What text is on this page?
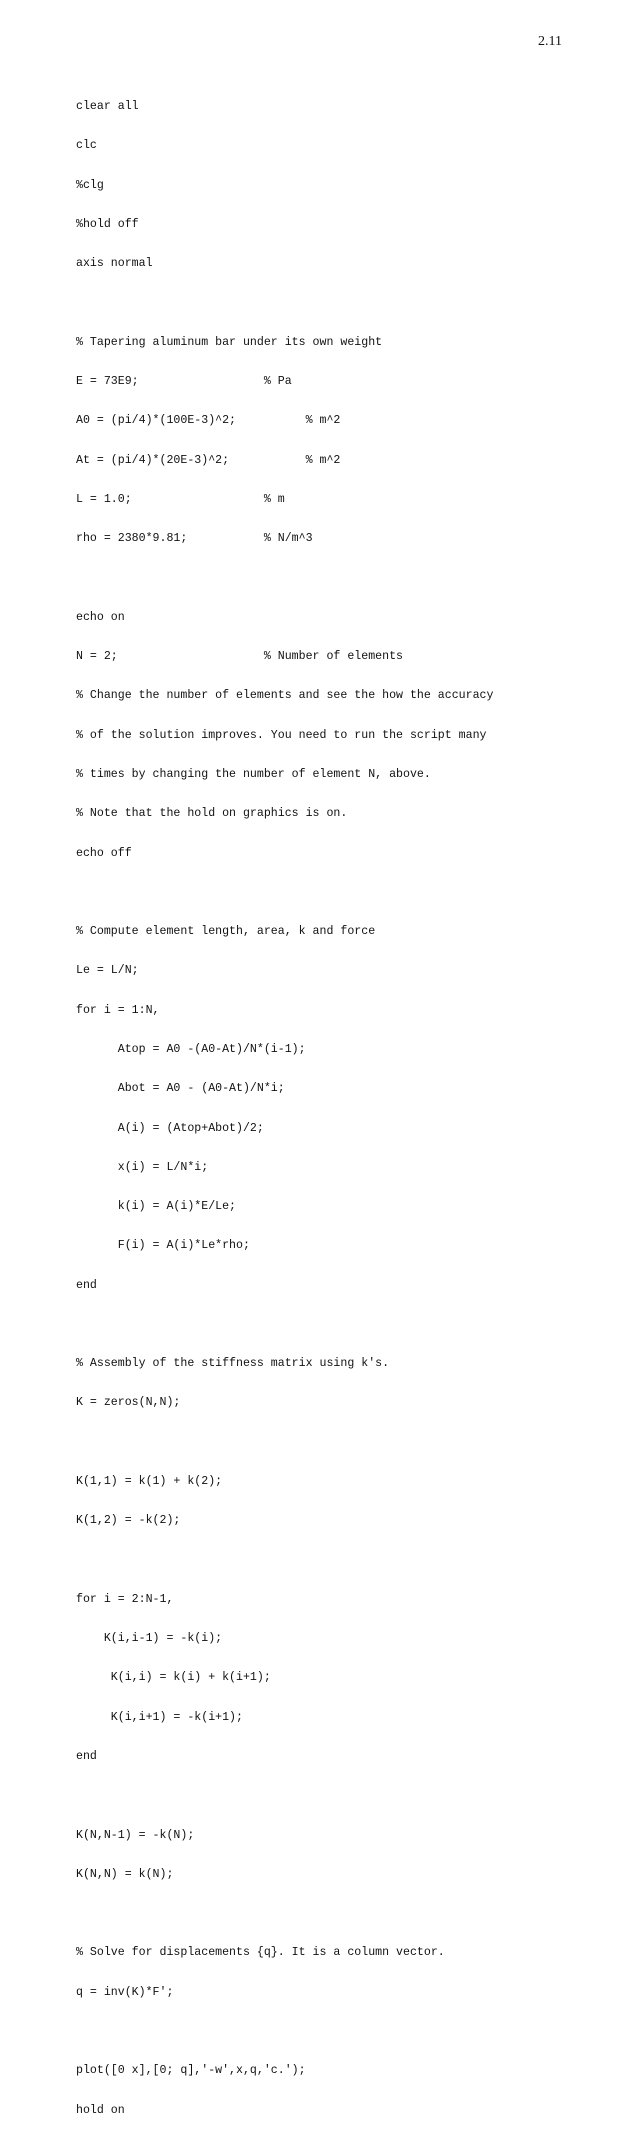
2.11

clear all

clc

%clg

%hold off

axis normal

% Tapering aluminum bar under its own weight

E = 73E9;                  % Pa

A0 = (pi/4)*(100E-3)^2;          % m^2

At = (pi/4)*(20E-3)^2;           % m^2

L = 1.0;                   % m

rho = 2380*9.81;           % N/m^3

echo on

N = 2;                     % Number of elements

% Change the number of elements and see the how the accuracy

% of the solution improves. You need to run the script many

% times by changing the number of element N, above.

% Note that the hold on graphics is on.

echo off

% Compute element length, area, k and force

Le = L/N;

for i = 1:N,

Atop = A0 -(A0-At)/N*(i-1);

Abot = A0 - (A0-At)/N*i;

A(i) = (Atop+Abot)/2;

x(i) = L/N*i;

k(i) = A(i)*E/Le;

F(i) = A(i)*Le*rho;

end

% Assembly of the stiffness matrix using k's.

K = zeros(N,N);

K(1,1) = k(1) + k(2);

K(1,2) = -k(2);

for i = 2:N-1,

K(i,i-1) = -k(i);

K(i,i) = k(i) + k(i+1);

K(i,i+1) = -k(i+1);

end

K(N,N-1) = -k(N);

K(N,N) = k(N);

% Solve for displacements {q}. It is a column vector.

q = inv(K)*F';

plot([0 x],[0; q],'-w',x,q,'c.');

hold on
